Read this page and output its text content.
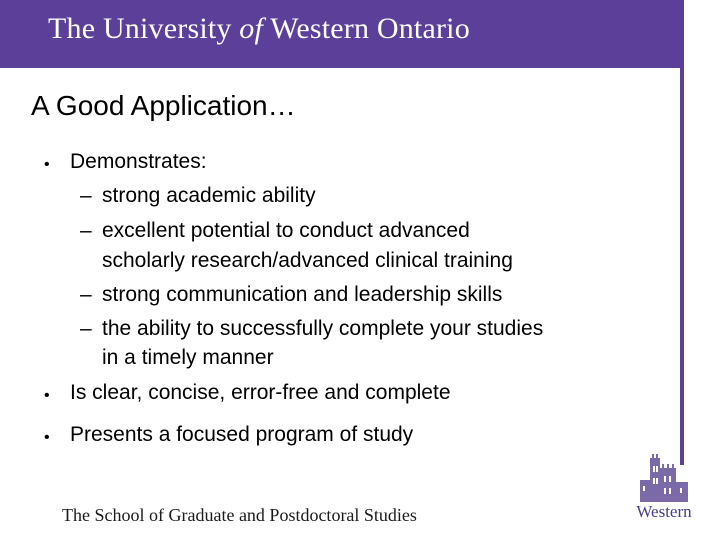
The University of Western Ontario
A Good Application…
• Demonstrates:
– strong academic ability
– excellent potential to conduct advanced
scholarly research/advanced clinical training
– strong communication and leadership skills
– the ability to successfully complete your studies
in a timely manner
• Is clear, concise, error-free and complete
• Presents a focused program of study
The School of Graduate and Postdoctoral Studies	Western
